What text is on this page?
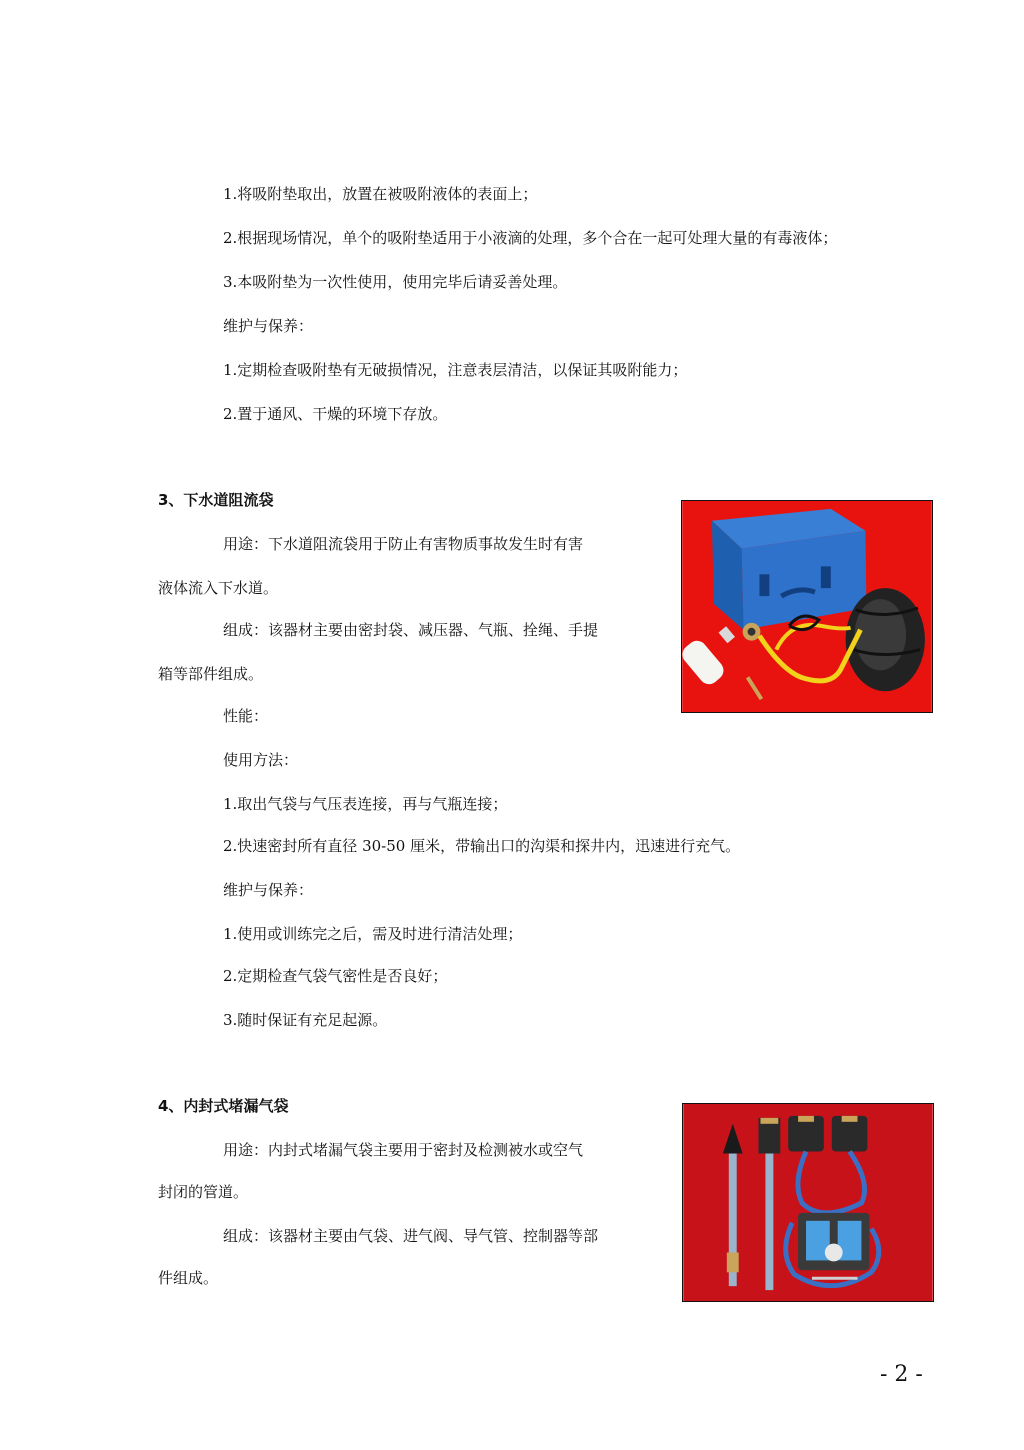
1.将吸附垫取出，放置在被吸附液体的表面上；
2.根据现场情况，单个的吸附垫适用于小液滴的处理，多个合在一起可处理大量的有毒液体；
3.本吸附垫为一次性使用，使用完毕后请妥善处理。
维护与保养：
1.定期检查吸附垫有无破损情况，注意表层清洁，以保证其吸附能力；
2.置于通风、干燥的环境下存放。
3、下水道阻流袋
用途：下水道阻流袋用于防止有害物质事故发生时有害
液体流入下水道。
组成：该器材主要由密封袋、减压器、气瓶、拴绳、手提
箱等部件组成。
性能：
使用方法：
1.取出气袋与气压表连接，再与气瓶连接；
2.快速密封所有直径 30-50 厘米，带输出口的沟渠和探井内，迅速进行充气。
维护与保养：
1.使用或训练完之后，需及时进行清洁处理；
2.定期检查气袋气密性是否良好；
3.随时保证有充足起源。
4、内封式堵漏气袋
用途：内封式堵漏气袋主要用于密封及检测被水或空气
封闭的管道。
组成：该器材主要由气袋、进气阀、导气管、控制器等部
件组成。
- 2 -
